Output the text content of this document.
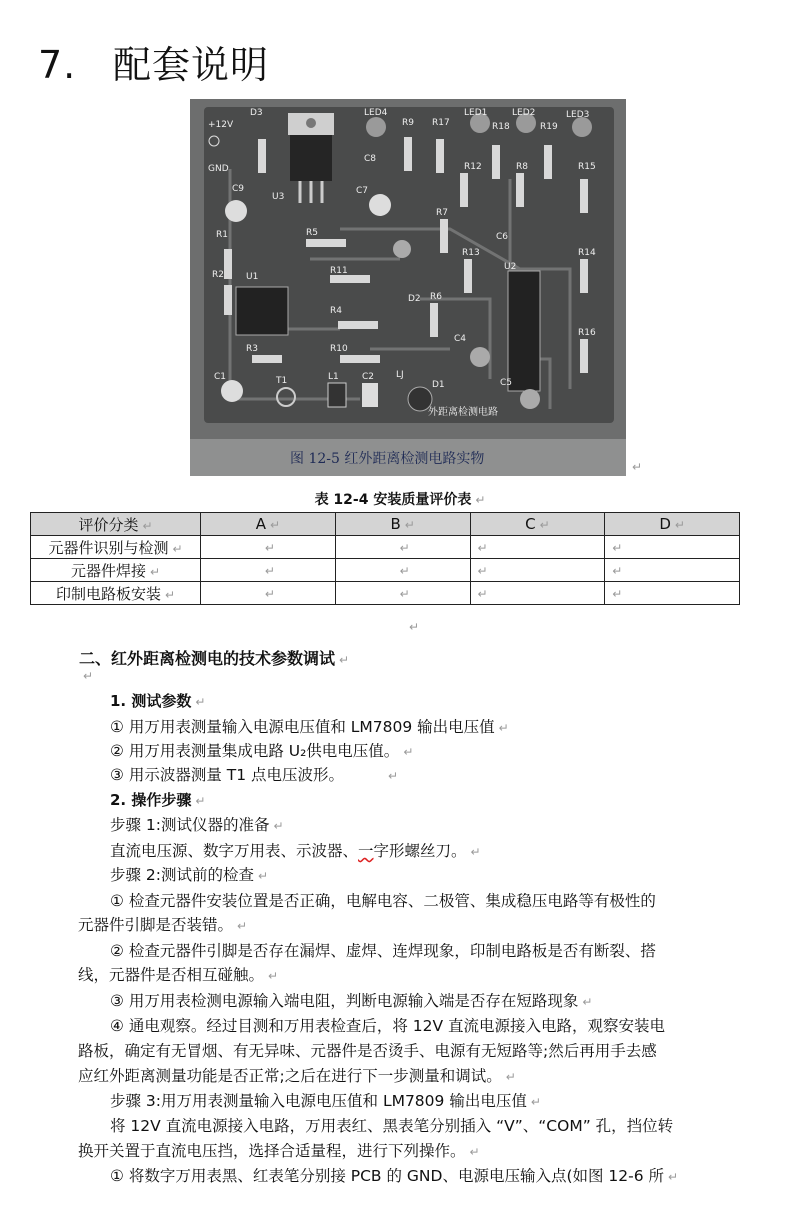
7. 配套说明
+12V
GND
D3
U3
C9
R1
R2 U1
R3
C1	T1	L1	C2
LED4
R9 R17
C8
C7
R5
R11
R4
R10
D2 R6
R7
LED1	LED2	LED3
R18	R19
R12	R8	R15
C6
R13
U2
R14
C4
R16
C5
D1
LJ
外距离检测电路
图 12-5 红外距离检测电路实物	↵
表 12-4 安装质量评价表 ↵
评价分类 ↵	A ↵	B ↵	C ↵	D ↵
元器件识别与检测 ↵	↵	↵	↵	↵
元器件焊接 ↵	↵	↵	↵	↵
印制电路板安装 ↵	↵	↵	↵	↵
↵
二、红外距离检测电的技术参数调试 ↵
↵
1. 测试参数 ↵
① 用万用表测量输入电源电压值和 LM7809 输出电压值 ↵
② 用万用表测量集成电路 U₂供电电压值。 ↵
③ 用示波器测量 T1 点电压波形。	↵
2. 操作步骤 ↵
步骤 1:测试仪器的准备 ↵
直流电压源、数字万用表、示波器、一字形螺丝刀。 ↵
步骤 2:测试前的检查 ↵
① 检查元器件安装位置是否正确，电解电容、二极管、集成稳压电路等有极性的
元器件引脚是否装错。 ↵
② 检查元器件引脚是否存在漏焊、虚焊、连焊现象，印制电路板是否有断裂、搭
线，元器件是否相互碰触。 ↵
③ 用万用表检测电源输入端电阻，判断电源输入端是否存在短路现象 ↵
④ 通电观察。经过目测和万用表检查后，将 12V 直流电源接入电路，观察安装电
路板，确定有无冒烟、有无异味、元器件是否烫手、电源有无短路等;然后再用手去感
应红外距离测量功能是否正常;之后在进行下一步测量和调试。 ↵
步骤 3:用万用表测量输入电源电压值和 LM7809 输出电压值 ↵
将 12V 直流电源接入电路，万用表红、黑表笔分别插入 “V”、“COM” 孔，挡位转
换开关置于直流电压挡，选择合适量程，进行下列操作。 ↵
① 将数字万用表黑、红表笔分别接 PCB 的 GND、电源电压输入点(如图 12-6 所 ↵
